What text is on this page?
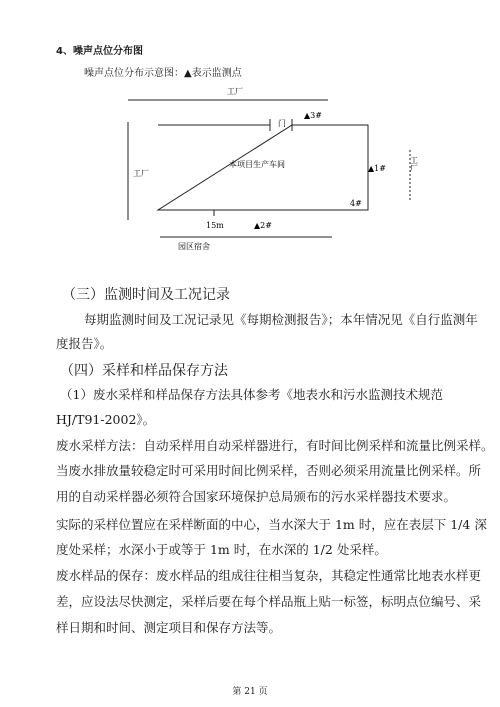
4、噪声点位分布图
噪声点位分布示意图：▲表示监测点
工厂
工厂
工厂
本项目生产车间
门
▲3#
▲1#
4#
15m	▲2#
园区宿舍
（三）监测时间及工况记录
每期监测时间及工况记录见《每期检测报告》；本年情况见《自行监测年
度报告》。
（四）采样和样品保存方法
（1）废水采样和样品保存方法具体参考《地表水和污水监测技术规范
HJ/T91-2002》。
废水采样方法：自动采样用自动采样器进行，有时间比例采样和流量比例采样。
当废水排放量较稳定时可采用时间比例采样，否则必须采用流量比例采样。所
用的自动采样器必须符合国家环境保护总局颁布的污水采样器技术要求。
实际的采样位置应在采样断面的中心，当水深大于 1m 时，应在表层下 1/4 深
度处采样；水深小于或等于 1m 时，在水深的 1/2 处采样。
废水样品的保存：废水样品的组成往往相当复杂，其稳定性通常比地表水样更
差，应设法尽快测定，采样后要在每个样品瓶上贴一标签，标明点位编号、采
样日期和时间、测定项目和保存方法等。
第 21 页
